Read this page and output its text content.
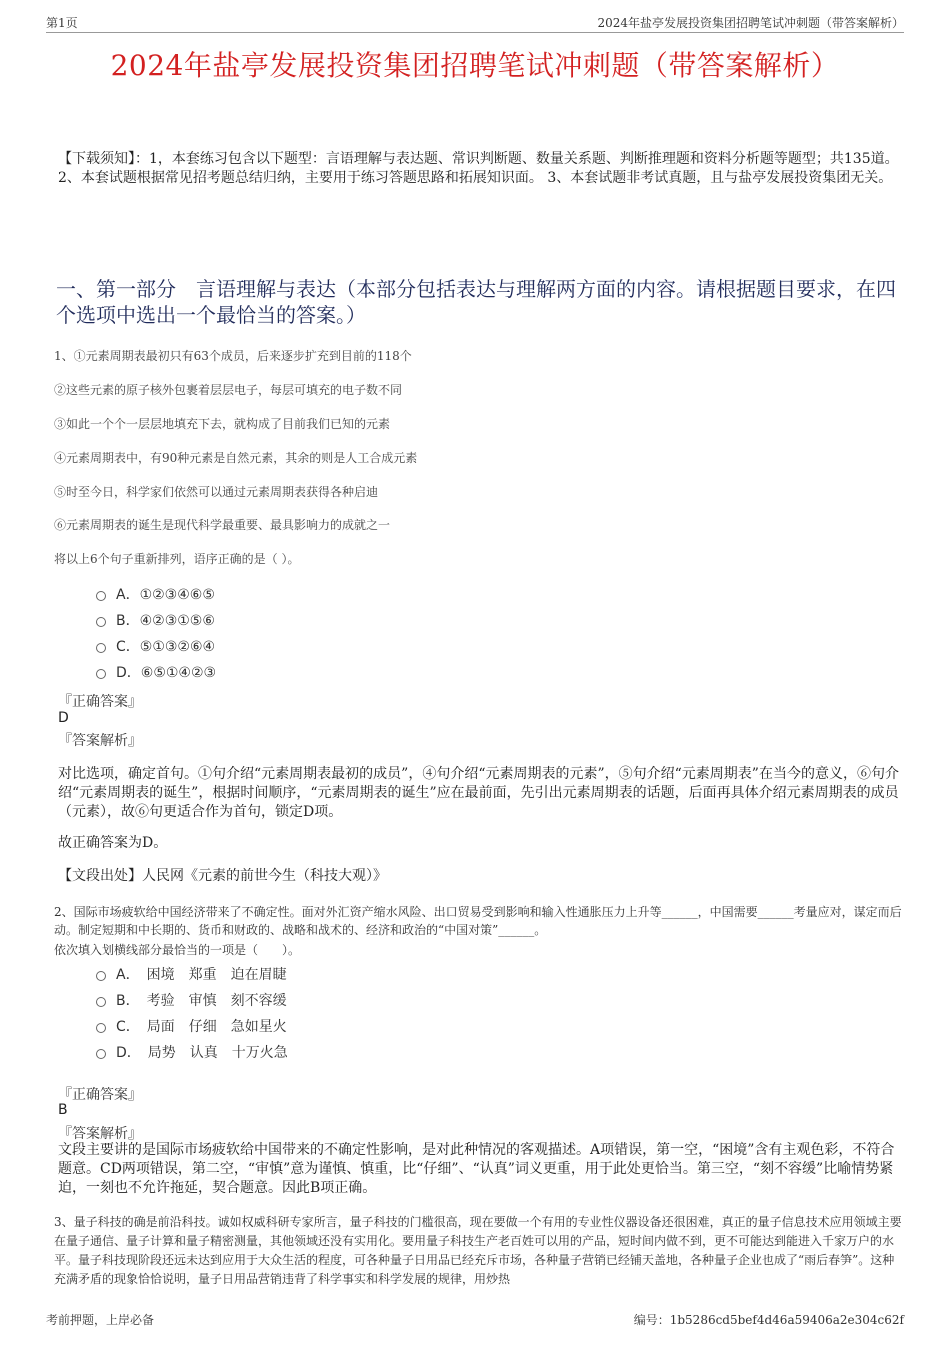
第1页	2024年盐亭发展投资集团招聘笔试冲刺题（带答案解析）
2024年盐亭发展投资集团招聘笔试冲刺题（带答案解析）
【下载须知】：1，本套练习包含以下题型：言语理解与表达题、常识判断题、数量关系题、判断推理题和资料分析题等题型；共135道。 2、本套试题根据常见招考题总结归纳，主要用于练习答题思路和拓展知识面。 3、本套试题非考试真题，且与盐亭发展投资集团无关。
一、第一部分　言语理解与表达（本部分包括表达与理解两方面的内容。请根据题目要求，在四个选项中选出一个最恰当的答案。）
1、①元素周期表最初只有63个成员，后来逐步扩充到目前的118个
②这些元素的原子核外包裹着层层电子，每层可填充的电子数不同
③如此一个个一层层地填充下去，就构成了目前我们已知的元素
④元素周期表中，有90种元素是自然元素，其余的则是人工合成元素
⑤时至今日，科学家们依然可以通过元素周期表获得各种启迪
⑥元素周期表的诞生是现代科学最重要、最具影响力的成就之一
将以上6个句子重新排列，语序正确的是（ ）。
A．①②③④⑥⑤
B．④②③①⑤⑥
C．⑤①③②⑥④
D．⑥⑤①④②③
『正确答案』
D
『答案解析』
对比选项，确定首句。①句介绍“元素周期表最初的成员”，④句介绍“元素周期表的元素”，⑤句介绍“元素周期表”在当今的意义，⑥句介绍“元素周期表的诞生”，根据时间顺序，“元素周期表的诞生”应在最前面，先引出元素周期表的话题，后面再具体介绍元素周期表的成员（元素），故⑥句更适合作为首句，锁定D项。
故正确答案为D。
【文段出处】人民网《元素的前世今生（科技大观）》
2、国际市场疲软给中国经济带来了不确定性。面对外汇资产缩水风险、出口贸易受到影响和输入性通胀压力上升等______，中国需要______考量应对，谋定而后动。制定短期和中长期的、货币和财政的、战略和战术的、经济和政治的“中国对策”______。
依次填入划横线部分最恰当的一项是（　　）。
A．　困境　郑重　迫在眉睫
B．　考验　审慎　刻不容缓
C．　局面　仔细　急如星火
D．　局势　认真　十万火急
『正确答案』
B
『答案解析』
文段主要讲的是国际市场疲软给中国带来的不确定性影响，是对此种情况的客观描述。A项错误，第一空，“困境”含有主观色彩，不符合题意。CD两项错误，第二空，“审慎”意为谨慎、慎重，比“仔细”、“认真”词义更重，用于此处更恰当。第三空，“刻不容缓”比喻情势紧迫，一刻也不允许拖延，契合题意。因此B项正确。
3、量子科技的确是前沿科技。诚如权威科研专家所言，量子科技的门槛很高，现在要做一个有用的专业性仪器设备还很困难，真正的量子信息技术应用领域主要在量子通信、量子计算和量子精密测量，其他领域还没有实用化。要用量子科技生产老百姓可以用的产品，短时间内做不到，更不可能达到能进入千家万户的水平。量子科技现阶段还远未达到应用于大众生活的程度，可各种量子日用品已经充斥市场，各种量子营销已经铺天盖地，各种量子企业也成了“雨后春笋”。这种充满矛盾的现象恰恰说明，量子日用品营销违背了科学事实和科学发展的规律，用炒热
考前押题，上岸必备	编号：1b5286cd5bef4d46a59406a2e304c62f
